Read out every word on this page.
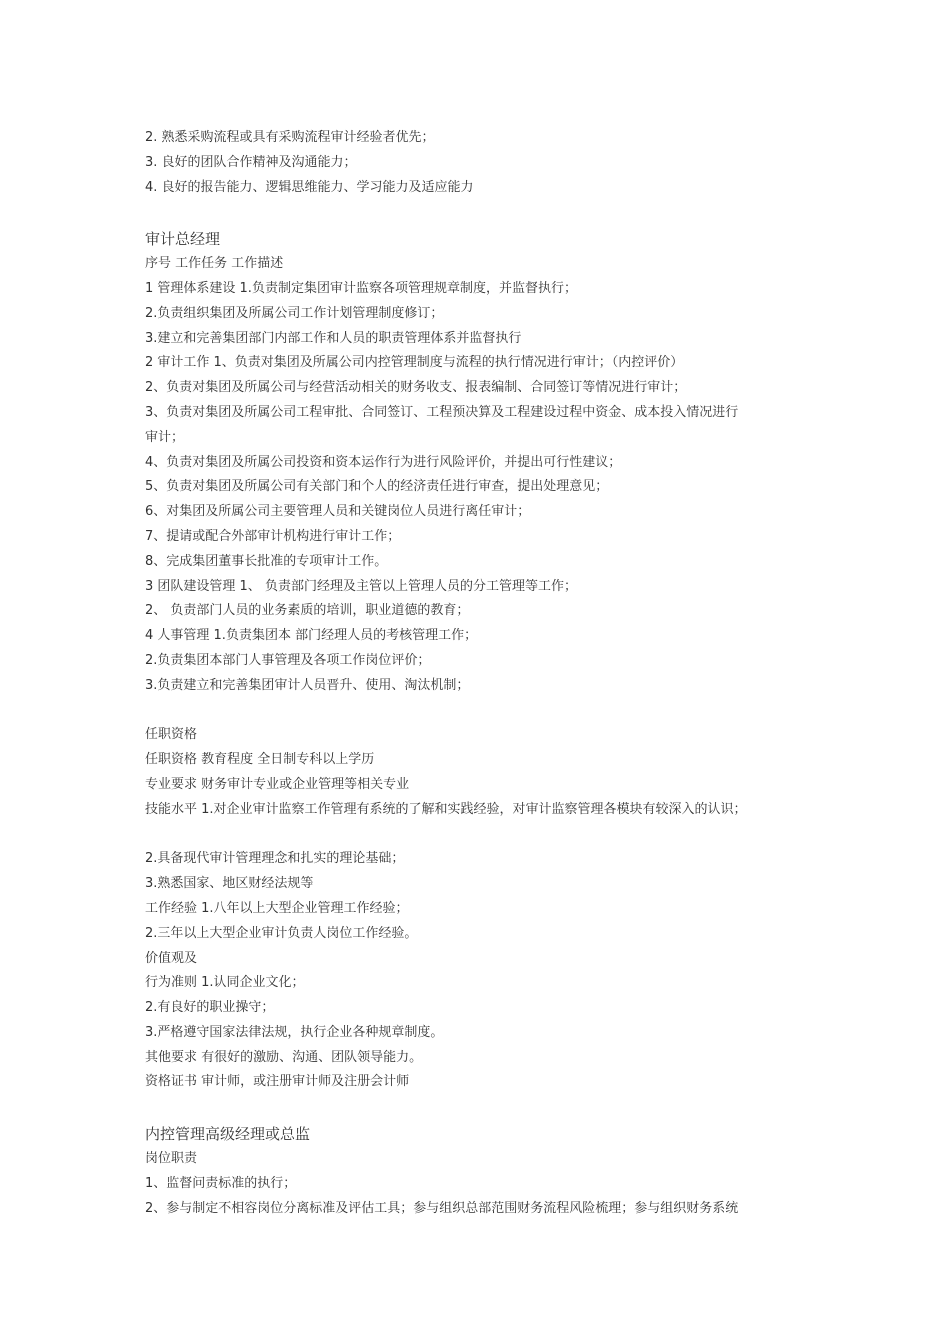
2. 熟悉采购流程或具有采购流程审计经验者优先；
3. 良好的团队合作精神及沟通能力；
4. 良好的报告能力、逻辑思维能力、学习能力及适应能力
审计总经理
序号 工作任务 工作描述
1 管理体系建设 1.负责制定集团审计监察各项管理规章制度，并监督执行；
2.负责组织集团及所属公司工作计划管理制度修订；
3.建立和完善集团部门内部工作和人员的职责管理体系并监督执行
2 审计工作 1、负责对集团及所属公司内控管理制度与流程的执行情况进行审计；（内控评价）
2、负责对集团及所属公司与经营活动相关的财务收支、报表编制、合同签订等情况进行审计；
3、负责对集团及所属公司工程审批、合同签订、工程预决算及工程建设过程中资金、成本投入情况进行
审计；
4、负责对集团及所属公司投资和资本运作行为进行风险评价，并提出可行性建议；
5、负责对集团及所属公司有关部门和个人的经济责任进行审查，提出处理意见；
6、对集团及所属公司主要管理人员和关键岗位人员进行离任审计；
7、提请或配合外部审计机构进行审计工作；
8、完成集团董事长批准的专项审计工作。
3 团队建设管理 1、 负责部门经理及主管以上管理人员的分工管理等工作；
2、 负责部门人员的业务素质的培训，职业道德的教育；
4 人事管理 1.负责集团本 部门经理人员的考核管理工作；
2.负责集团本部门人事管理及各项工作岗位评价；
3.负责建立和完善集团审计人员晋升、使用、淘汰机制；
任职资格
任职资格 教育程度 全日制专科以上学历
专业要求 财务审计专业或企业管理等相关专业
技能水平 1.对企业审计监察工作管理有系统的了解和实践经验，对审计监察管理各模块有较深入的认识；
2.具备现代审计管理理念和扎实的理论基础；
3.熟悉国家、地区财经法规等
工作经验 1.八年以上大型企业管理工作经验；
2.三年以上大型企业审计负责人岗位工作经验。
价值观及
行为准则 1.认同企业文化；
2.有良好的职业操守；
3.严格遵守国家法律法规，执行企业各种规章制度。
其他要求 有很好的激励、沟通、团队领导能力。
资格证书 审计师，或注册审计师及注册会计师
内控管理高级经理或总监
岗位职责
1、监督问责标准的执行；
2、参与制定不相容岗位分离标准及评估工具；参与组织总部范围财务流程风险梳理；参与组织财务系统
